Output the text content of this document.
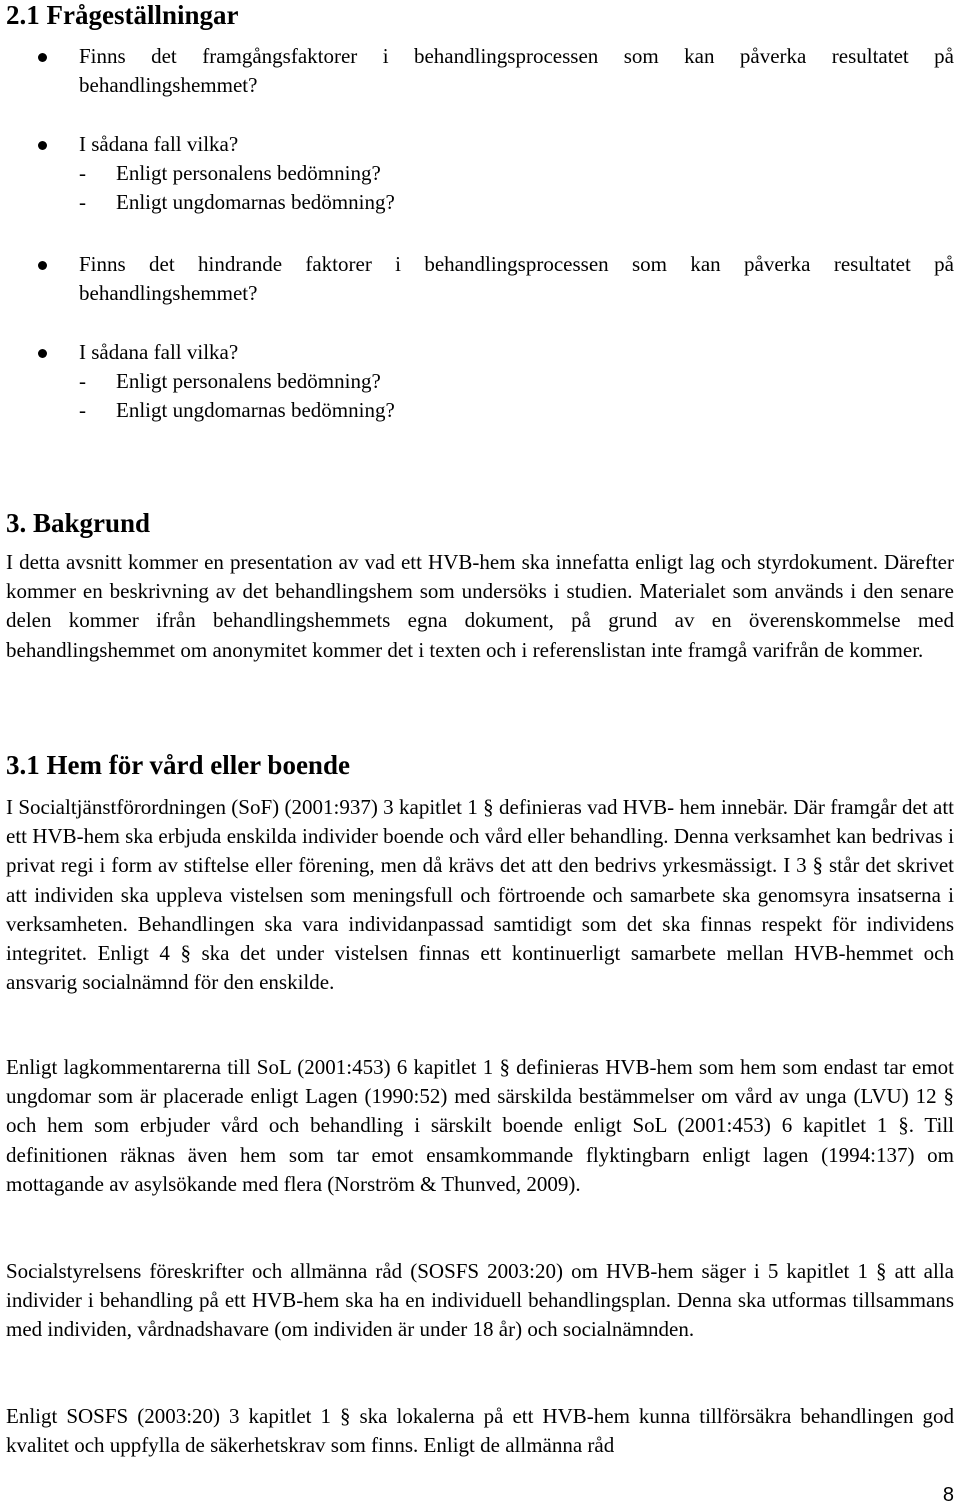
2.1 Frågeställningar
Finns det framgångsfaktorer i behandlingsprocessen som kan påverka resultatet på behandlingshemmet?
I sådana fall vilka?
- Enligt personalens bedömning?
- Enligt ungdomarnas bedömning?
Finns det hindrande faktorer i behandlingsprocessen som kan påverka resultatet på behandlingshemmet?
I sådana fall vilka?
- Enligt personalens bedömning?
- Enligt ungdomarnas bedömning?
3. Bakgrund

I detta avsnitt kommer en presentation av vad ett HVB-hem ska innefatta enligt lag och styrdokument. Därefter kommer en beskrivning av det behandlingshem som undersöks i studien. Materialet som används i den senare delen kommer ifrån behandlingshemmets egna dokument, på grund av en överenskommelse med behandlingshemmet om anonymitet kommer det i texten och i referenslistan inte framgå varifrån de kommer.

3.1 Hem för vård eller boende

I Socialtjänstförordningen (SoF) (2001:937) 3 kapitlet 1 § definieras vad HVB- hem innebär. Där framgår det att ett HVB-hem ska erbjuda enskilda individer boende och vård eller behandling. Denna verksamhet kan bedrivas i privat regi i form av stiftelse eller förening, men då krävs det att den bedrivs yrkesmässigt. I 3 § står det skrivet att individen ska uppleva vistelsen som meningsfull och förtroende och samarbete ska genomsyra insatserna i verksamheten. Behandlingen ska vara individanpassad samtidigt som det ska finnas respekt för individens integritet. Enligt 4 § ska det under vistelsen finnas ett kontinuerligt samarbete mellan HVB-hemmet och ansvarig socialnämnd för den enskilde.

Enligt lagkommentarerna till SoL (2001:453) 6 kapitlet 1 § definieras HVB-hem som hem som endast tar emot ungdomar som är placerade enligt Lagen (1990:52) med särskilda bestämmelser om vård av unga (LVU) 12 § och hem som erbjuder vård och behandling i särskilt boende enligt SoL (2001:453) 6 kapitlet 1 §. Till definitionen räknas även hem som tar emot ensamkommande flyktingbarn enligt lagen (1994:137) om mottagande av asylsökande med flera (Norström & Thunved, 2009).

Socialstyrelsens föreskrifter och allmänna råd (SOSFS 2003:20) om HVB-hem säger i 5 kapitlet 1 § att alla individer i behandling på ett HVB-hem ska ha en individuell behandlingsplan. Denna ska utformas tillsammans med individen, vårdnadshavare (om individen är under 18 år) och socialnämnden.

Enligt SOSFS (2003:20) 3 kapitlet 1 § ska lokalerna på ett HVB-hem kunna tillförsäkra behandlingen god kvalitet och uppfylla de säkerhetskrav som finns. Enligt de allmänna råd

8
